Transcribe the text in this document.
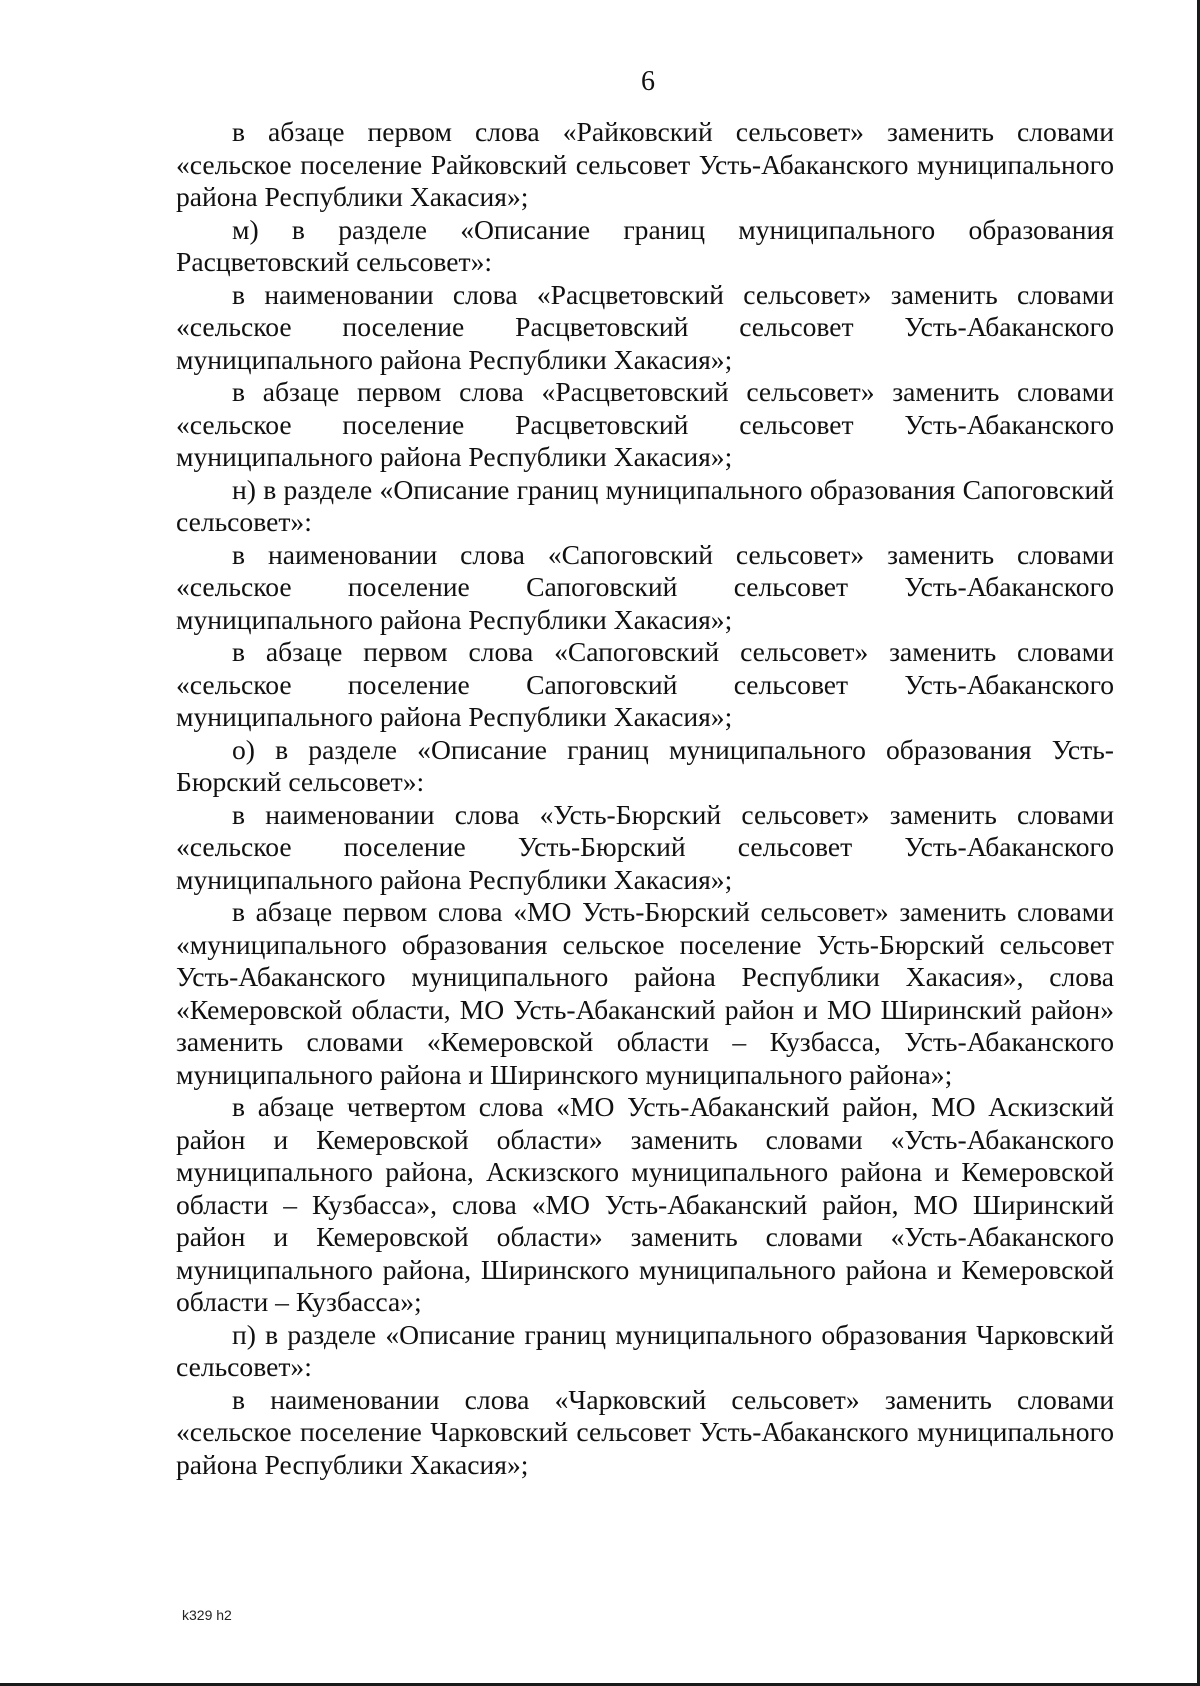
6

в абзаце первом слова «Райковский сельсовет» заменить словами «сельское поселение Райковский сельсовет Усть-Абаканского муниципального района Республики Хакасия»;

м) в разделе «Описание границ муниципального образования Расцветовский сельсовет»:

в наименовании слова «Расцветовский сельсовет» заменить словами «сельское поселение Расцветовский сельсовет Усть-Абаканского муниципального района Республики Хакасия»;

в абзаце первом слова «Расцветовский сельсовет» заменить словами «сельское поселение Расцветовский сельсовет Усть-Абаканского муниципального района Республики Хакасия»;

н) в разделе «Описание границ муниципального образования Сапоговский сельсовет»:

в наименовании слова «Сапоговский сельсовет» заменить словами «сельское поселение Сапоговский сельсовет Усть-Абаканского муниципального района Республики Хакасия»;

в абзаце первом слова «Сапоговский сельсовет» заменить словами «сельское поселение Сапоговский сельсовет Усть-Абаканского муниципального района Республики Хакасия»;

о) в разделе «Описание границ муниципального образования Усть-Бюрский сельсовет»:

в наименовании слова «Усть-Бюрский сельсовет» заменить словами «сельское поселение Усть-Бюрский сельсовет Усть-Абаканского муниципального района Республики Хакасия»;

в абзаце первом слова «МО Усть-Бюрский сельсовет» заменить словами «муниципального образования сельское поселение Усть-Бюрский сельсовет Усть-Абаканского муниципального района Республики Хакасия», слова «Кемеровской области, МО Усть-Абаканский район и МО Ширинский район» заменить словами «Кемеровской области – Кузбасса, Усть-Абаканского муниципального района и Ширинского муниципального района»;

в абзаце четвертом слова «МО Усть-Абаканский район, МО Аскизский район и Кемеровской области» заменить словами «Усть-Абаканского муниципального района, Аскизского муниципального района и Кемеровской области – Кузбасса», слова «МО Усть-Абаканский район, МО Ширинский район и Кемеровской области» заменить словами «Усть-Абаканского муниципального района, Ширинского муниципального района и Кемеровской области – Кузбасса»;

п) в разделе «Описание границ муниципального образования Чарковский сельсовет»:

в наименовании слова «Чарковский сельсовет» заменить словами «сельское поселение Чарковский сельсовет Усть-Абаканского муниципального района Республики Хакасия»;

k329 h2
